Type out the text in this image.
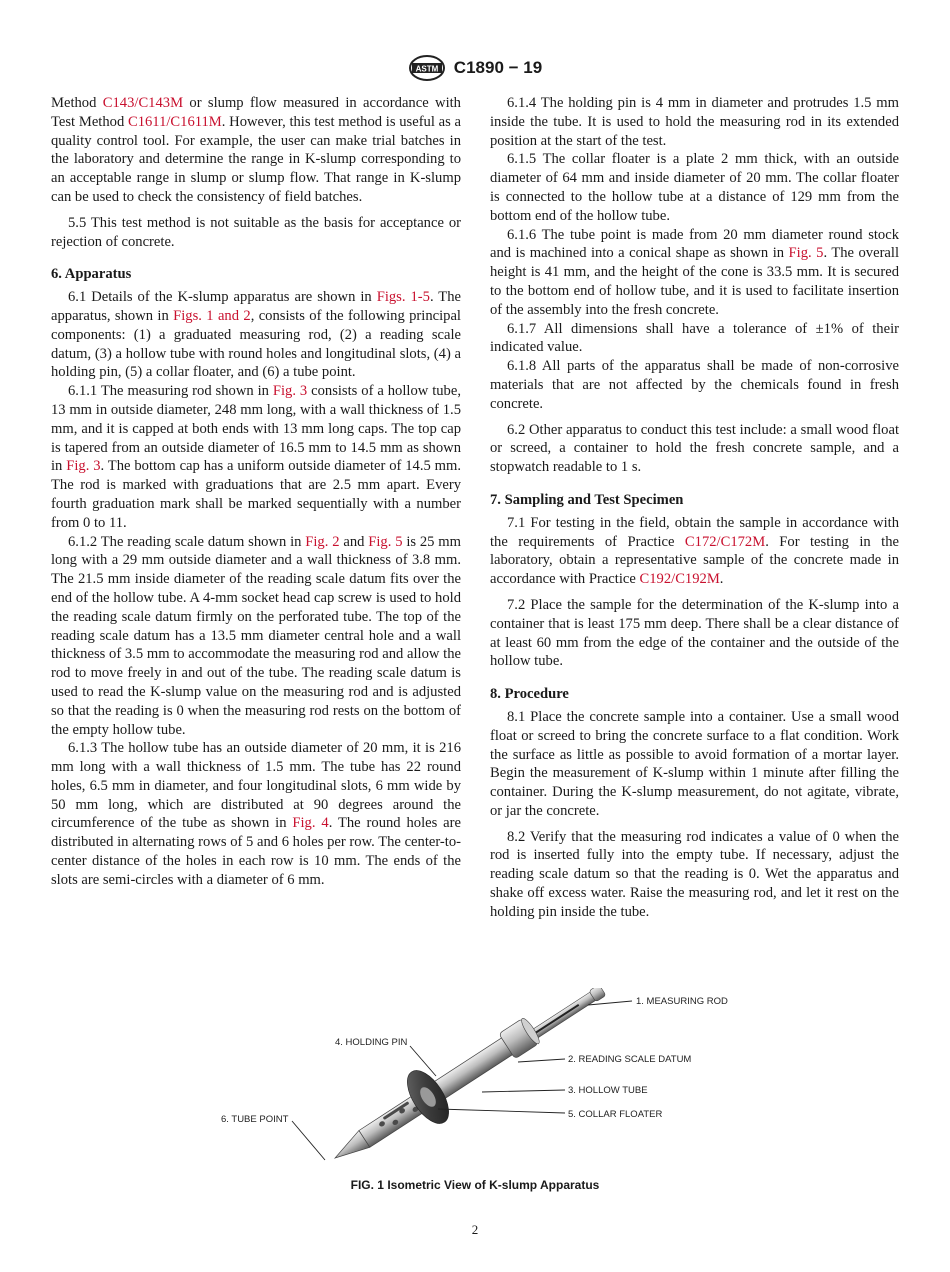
ASTM C1890 − 19

Method C143/C143M or slump flow measured in accordance with Test Method C1611/C1611M. However, this test method is useful as a quality control tool. For example, the user can make trial batches in the laboratory and determine the range in K-slump corresponding to an acceptable range in slump or slump flow. That range in K-slump can be used to check the consistency of field batches.

5.5 This test method is not suitable as the basis for acceptance or rejection of concrete.

6. Apparatus

6.1 Details of the K-slump apparatus are shown in Figs. 1-5. The apparatus, shown in Figs. 1 and 2, consists of the following principal components: (1) a graduated measuring rod, (2) a reading scale datum, (3) a hollow tube with round holes and longitudinal slots, (4) a holding pin, (5) a collar floater, and (6) a tube point.

6.1.1 The measuring rod shown in Fig. 3 consists of a hollow tube, 13 mm in outside diameter, 248 mm long, with a wall thickness of 1.5 mm, and it is capped at both ends with 13 mm long caps. The top cap is tapered from an outside diameter of 16.5 mm to 14.5 mm as shown in Fig. 3. The bottom cap has a uniform outside diameter of 14.5 mm. The rod is marked with graduations that are 2.5 mm apart. Every fourth graduation mark shall be marked sequentially with a number from 0 to 11.

6.1.2 The reading scale datum shown in Fig. 2 and Fig. 5 is 25 mm long with a 29 mm outside diameter and a wall thickness of 3.8 mm. The 21.5 mm inside diameter of the reading scale datum fits over the end of the hollow tube. A 4-mm socket head cap screw is used to hold the reading scale datum firmly on the perforated tube. The top of the reading scale datum has a 13.5 mm diameter central hole and a wall thickness of 3.5 mm to accommodate the measuring rod and allow the rod to move freely in and out of the tube. The reading scale datum is used to read the K-slump value on the measuring rod and is adjusted so that the reading is 0 when the measuring rod rests on the bottom of the empty hollow tube.

6.1.3 The hollow tube has an outside diameter of 20 mm, it is 216 mm long with a wall thickness of 1.5 mm. The tube has 22 round holes, 6.5 mm in diameter, and four longitudinal slots, 6 mm wide by 50 mm long, which are distributed at 90 degrees around the circumference of the tube as shown in Fig. 4. The round holes are distributed in alternating rows of 5 and 6 holes per row. The center-to-center distance of the holes in each row is 10 mm. The ends of the slots are semi-circles with a diameter of 6 mm.

6.1.4 The holding pin is 4 mm in diameter and protrudes 1.5 mm inside the tube. It is used to hold the measuring rod in its extended position at the start of the test.

6.1.5 The collar floater is a plate 2 mm thick, with an outside diameter of 64 mm and inside diameter of 20 mm. The collar floater is connected to the hollow tube at a distance of 129 mm from the bottom end of the hollow tube.

6.1.6 The tube point is made from 20 mm diameter round stock and is machined into a conical shape as shown in Fig. 5. The overall height is 41 mm, and the height of the cone is 33.5 mm. It is secured to the bottom end of hollow tube, and it is used to facilitate insertion of the assembly into the fresh concrete.

6.1.7 All dimensions shall have a tolerance of ±1% of their indicated value.

6.1.8 All parts of the apparatus shall be made of non-corrosive materials that are not affected by the chemicals found in fresh concrete.

6.2 Other apparatus to conduct this test include: a small wood float or screed, a container to hold the fresh concrete sample, and a stopwatch readable to 1 s.

7. Sampling and Test Specimen

7.1 For testing in the field, obtain the sample in accordance with the requirements of Practice C172/C172M. For testing in the laboratory, obtain a representative sample of the concrete made in accordance with Practice C192/C192M.

7.2 Place the sample for the determination of the K-slump into a container that is least 175 mm deep. There shall be a clear distance of at least 60 mm from the edge of the container and the outside of the hollow tube.

8. Procedure

8.1 Place the concrete sample into a container. Use a small wood float or screed to bring the concrete surface to a flat condition. Work the surface as little as possible to avoid formation of a mortar layer. Begin the measurement of K-slump within 1 minute after filling the container. During the K-slump measurement, do not agitate, vibrate, or jar the concrete.

8.2 Verify that the measuring rod indicates a value of 0 when the rod is inserted fully into the empty tube. If necessary, adjust the reading scale datum so that the reading is 0. Wet the apparatus and shake off excess water. Raise the measuring rod, and let it rest on the holding pin inside the tube.

1. MEASURING ROD
2. READING SCALE DATUM
3. HOLLOW TUBE
4. HOLDING PIN
5. COLLAR FLOATER
6. TUBE POINT
FIG. 1 Isometric View of K-slump Apparatus
2
